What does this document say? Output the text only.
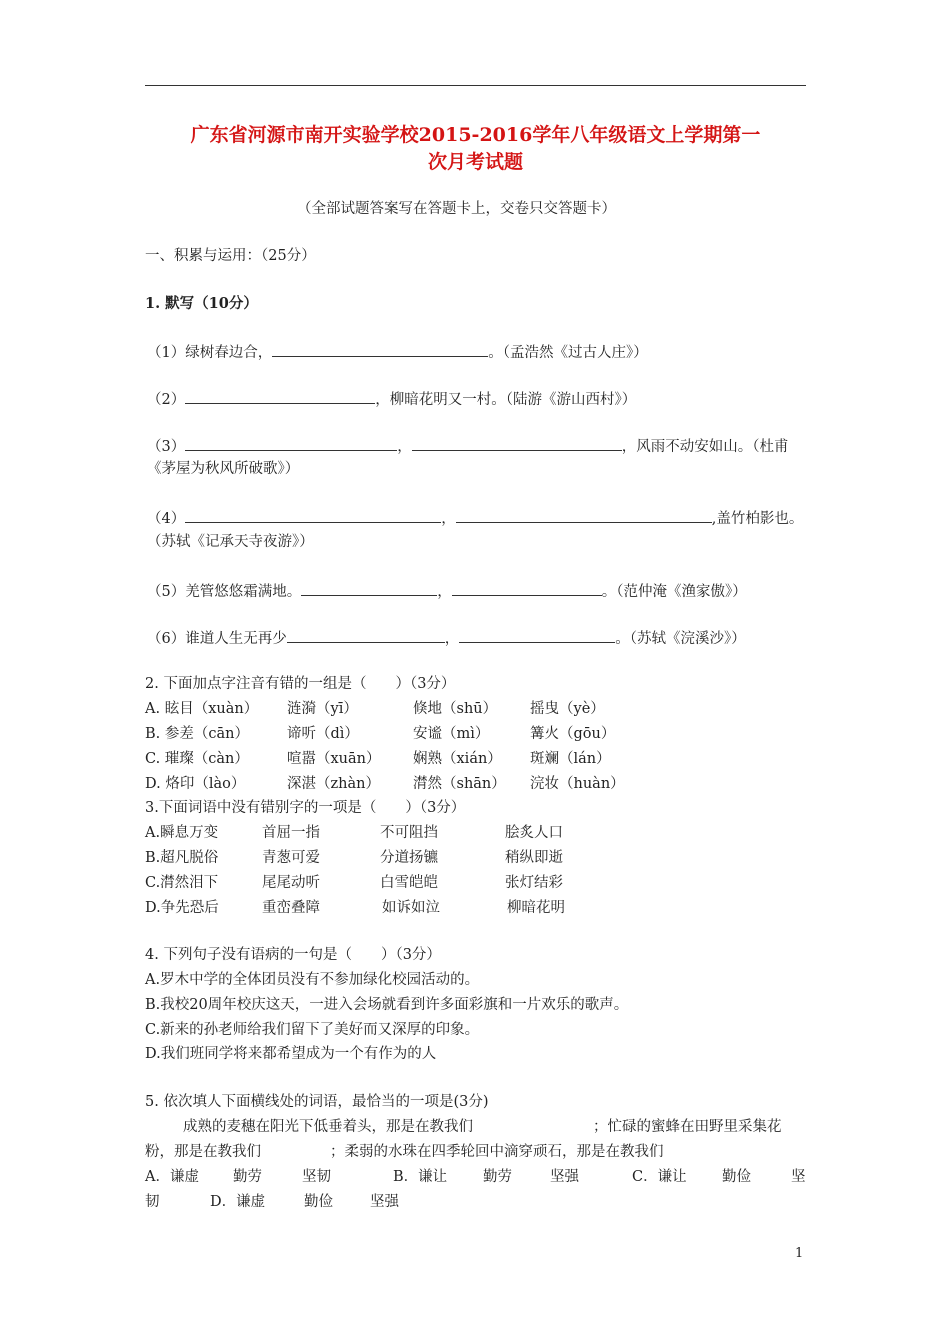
广东省河源市南开实验学校2015-2016学年八年级语文上学期第一
次月考试题
（全部试题答案写在答题卡上，交卷只交答题卡）
一、积累与运用：（25分）
1. 默写（10分）
（1）绿树春边合，	。（孟浩然《过古人庄》）
（2）	，柳暗花明又一村。（陆游《游山西村》）
（3）	，	，风雨不动安如山。（杜甫
《茅屋为秋风所破歌》）
（4）	，	,盖竹柏影也。
（苏轼《记承天寺夜游》）
（5）羌管悠悠霜满地。	，	。（范仲淹《渔家傲》）
（6）谁道人生无再少	，	。（苏轼《浣溪沙》）
2. 下面加点字注音有错的一组是（　　）（3分）
A. 眩目（xuàn） 涟漪（yī）	倏地（shū） 摇曳（yè）
B. 参差（cān）	谛听（dì）	安谧（mì）	篝火（gōu）
C. 璀璨（càn）	喧嚣（xuān） 娴熟（xián） 斑斓（lán）
D. 烙印（lào）	深湛（zhàn） 潸然（shān） 浣妆（huàn）
3.下面词语中没有错别字的一项是（　　）（3分）
A.瞬息万变	首屈一指	不可阻挡	脍炙人口
B.超凡脱俗	青葱可爱	分道扬镳	稍纵即逝
C.潸然泪下	尾尾动听	白雪皑皑	张灯结彩
D.争先恐后	重峦叠障	如诉如泣	柳暗花明
4. 下列句子没有语病的一句是（　　）（3分）
A.罗木中学的全体团员没有不参加绿化校园活动的。
B.我校20周年校庆这天，一进入会场就看到许多面彩旗和一片欢乐的歌声。
C.新来的孙老师给我们留下了美好而又深厚的印象。
D.我们班同学将来都希望成为一个有作为的人
5. 依次填人下面横线处的词语，最恰当的一项是(3分)
成熟的麦穗在阳光下低垂着头，那是在教我们	；忙碌的蜜蜂在田野里采集花
粉，那是在教我们	；柔弱的水珠在四季轮回中滴穿顽石，那是在教我们
A．谦虚 勤劳	坚韧	B．谦让 勤劳	坚强	C．谦让 勤俭	坚
韧	D．谦虚	勤俭	坚强
1
